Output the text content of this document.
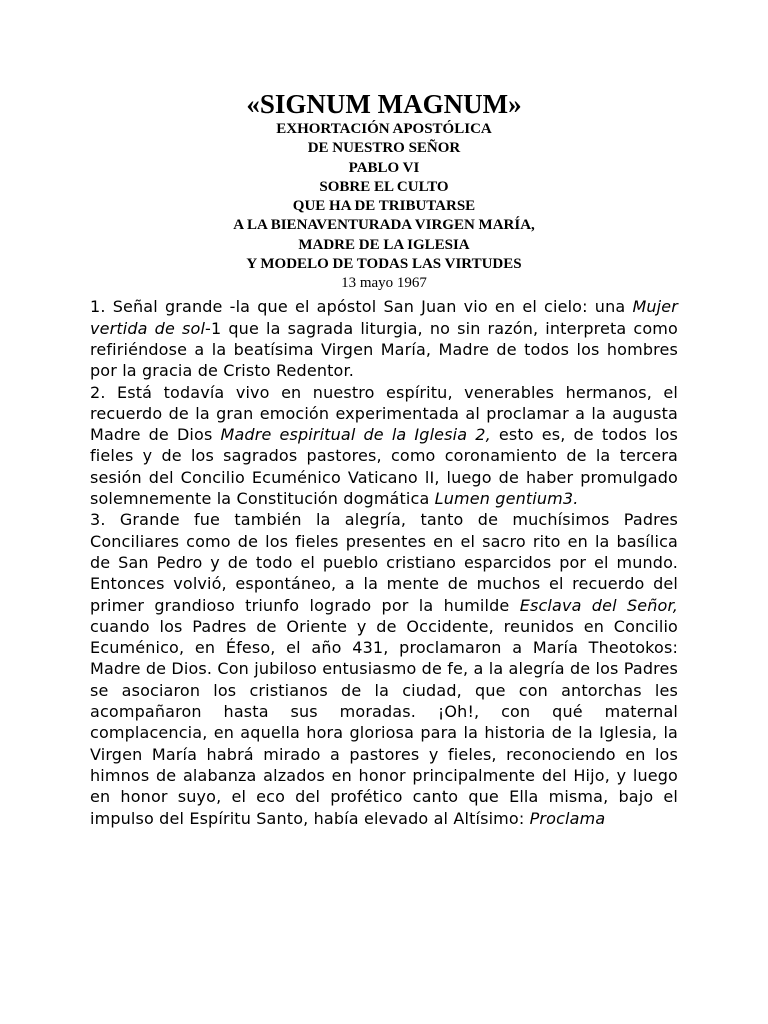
«SIGNUM MAGNUM»
EXHORTACIÓN APOSTÓLICA
DE NUESTRO SEÑOR
PABLO VI
SOBRE EL CULTO
QUE HA DE TRIBUTARSE
A LA BIENAVENTURADA VIRGEN MARÍA,
MADRE DE LA IGLESIA
Y MODELO DE TODAS LAS VIRTUDES
13 mayo 1967

1. Señal grande -la que el apóstol San Juan vio en el cielo: una Mujer vertida de sol-1 que la sagrada liturgia, no sin razón, interpreta como refiriéndose a la beatísima Virgen María, Madre de todos los hombres por la gracia de Cristo Redentor.

2. Está todavía vivo en nuestro espíritu, venerables hermanos, el recuerdo de la gran emoción experimentada al proclamar a la augusta Madre de Dios Madre espiritual de la Iglesia 2, esto es, de todos los fieles y de los sagrados pastores, como coronamiento de la tercera sesión del Concilio Ecuménico Vaticano lI, luego de haber promulgado solemnemente la Constitución dogmática Lumen gentium3.

3. Grande fue también la alegría, tanto de muchísimos Padres Conciliares como de los fieles presentes en el sacro rito en la basílica de San Pedro y de todo el pueblo cristiano esparcidos por el mundo. Entonces volvió, espontáneo, a la mente de muchos el recuerdo del primer grandioso triunfo logrado por la humilde Esclava del Señor, cuando los Padres de Oriente y de Occidente, reunidos en Concilio Ecuménico, en Éfeso, el año 431, proclamaron a María Theotokos: Madre de Dios. Con jubiloso entusiasmo de fe, a la alegría de los Padres se asociaron los cristianos de la ciudad, que con antorchas les acompañaron hasta sus moradas. ¡Oh!, con qué maternal complacencia, en aquella hora gloriosa para la historia de la Iglesia, la Virgen María habrá mirado a pastores y fieles, reconociendo en los himnos de alabanza alzados en honor principalmente del Hijo, y luego en honor suyo, el eco del profético canto que Ella misma, bajo el impulso del Espíritu Santo, había elevado al Altísimo: Proclama
